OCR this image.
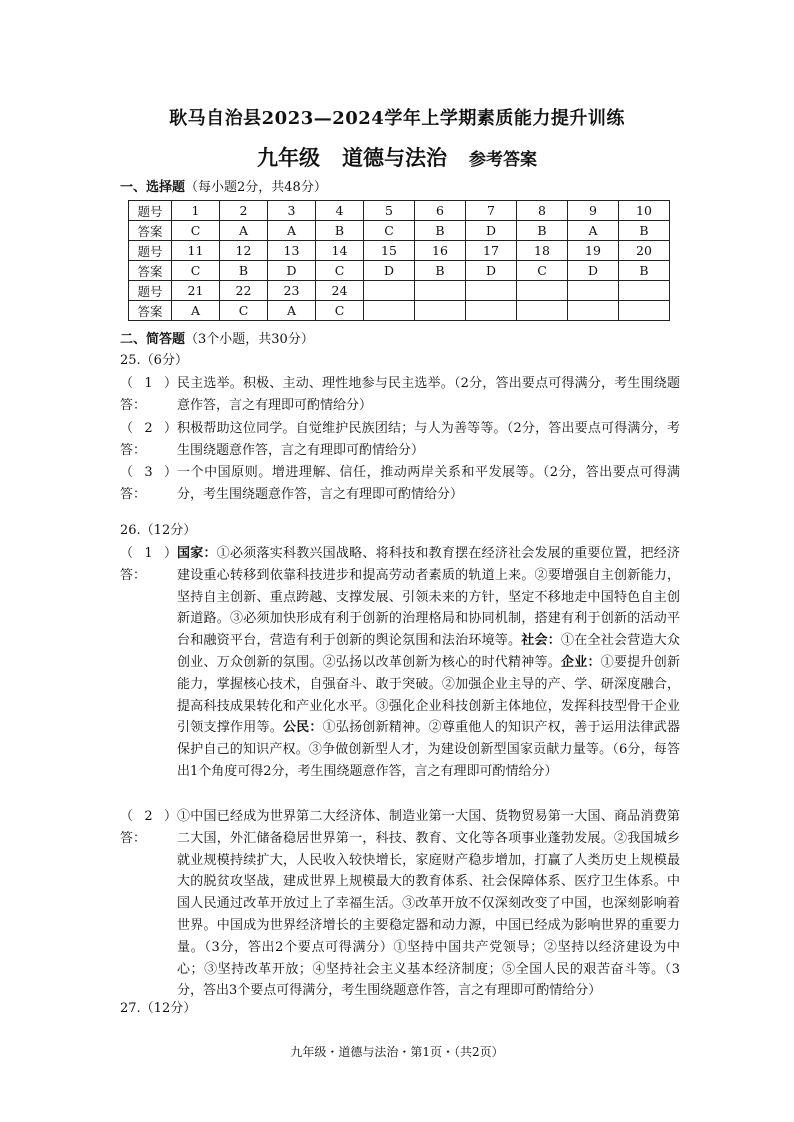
耿马自治县2023—2024学年上学期素质能力提升训练
九年级 道德与法治 参考答案
一、选择题（每小题2分，共48分）
题号	1	2	3	4	5	6	7	8	9	10
答案	C	A	A	B	C	B	D	B	A	B
题号	11	12	13	14	15	16	17	18	19	20
答案	C	B	D	C	D	B	D	C	D	B
题号	21	22	23	24						
答案	A	C	A	C						
二、简答题（3个小题，共30分）
25.（6分）
（1）答：
民主选举。积极、主动、理性地参与民主选举。（2分，答出要点可得满分，考生围绕题意作答，言之有理即可酌情给分）
（2）答：
积极帮助这位同学。自觉维护民族团结；与人为善等等。（2分，答出要点可得满分，考生围绕题意作答，言之有理即可酌情给分）
（3）答：
一个中国原则。增进理解、信任，推动两岸关系和平发展等。（2分，答出要点可得满分，考生围绕题意作答，言之有理即可酌情给分）
26.（12分）
（1）答：
国家：①必须落实科教兴国战略、将科技和教育摆在经济社会发展的重要位置，把经济建设重心转移到依靠科技进步和提高劳动者素质的轨道上来。②要增强自主创新能力，坚持自主创新、重点跨越、支撑发展、引领未来的方针，坚定不移地走中国特色自主创新道路。③必须加快形成有利于创新的治理格局和协同机制，搭建有利于创新的活动平台和融资平台，营造有利于创新的舆论氛围和法治环境等。社会：①在全社会营造大众创业、万众创新的氛围。②弘扬以改革创新为核心的时代精神等。企业：①要提升创新能力，掌握核心技术，自强奋斗、敢于突破。②加强企业主导的产、学、研深度融合，提高科技成果转化和产业化水平。③强化企业科技创新主体地位，发挥科技型骨干企业引领支撑作用等。公民：①弘扬创新精神。②尊重他人的知识产权，善于运用法律武器保护自己的知识产权。③争做创新型人才，为建设创新型国家贡献力量等。（6分，每答出1个角度可得2分，考生围绕题意作答，言之有理即可酌情给分）
（2）答：
①中国已经成为世界第二大经济体、制造业第一大国、货物贸易第一大国、商品消费第二大国，外汇储备稳居世界第一，科技、教育、文化等各项事业蓬勃发展。②我国城乡就业规模持续扩大，人民收入较快增长，家庭财产稳步增加，打赢了人类历史上规模最大的脱贫攻坚战，建成世界上规模最大的教育体系、社会保障体系、医疗卫生体系。中国人民通过改革开放过上了幸福生活。③改革开放不仅深刻改变了中国，也深刻影响着世界。中国成为世界经济增长的主要稳定器和动力源，中国已经成为影响世界的重要力量。（3分，答出2个要点可得满分）①坚持中国共产党领导；②坚持以经济建设为中心；③坚持改革开放；④坚持社会主义基本经济制度；⑤全国人民的艰苦奋斗等。（3分，答出3个要点可得满分，考生围绕题意作答，言之有理即可酌情给分）
27.（12分）
九年级・道德与法治・第1页・（共2页）
